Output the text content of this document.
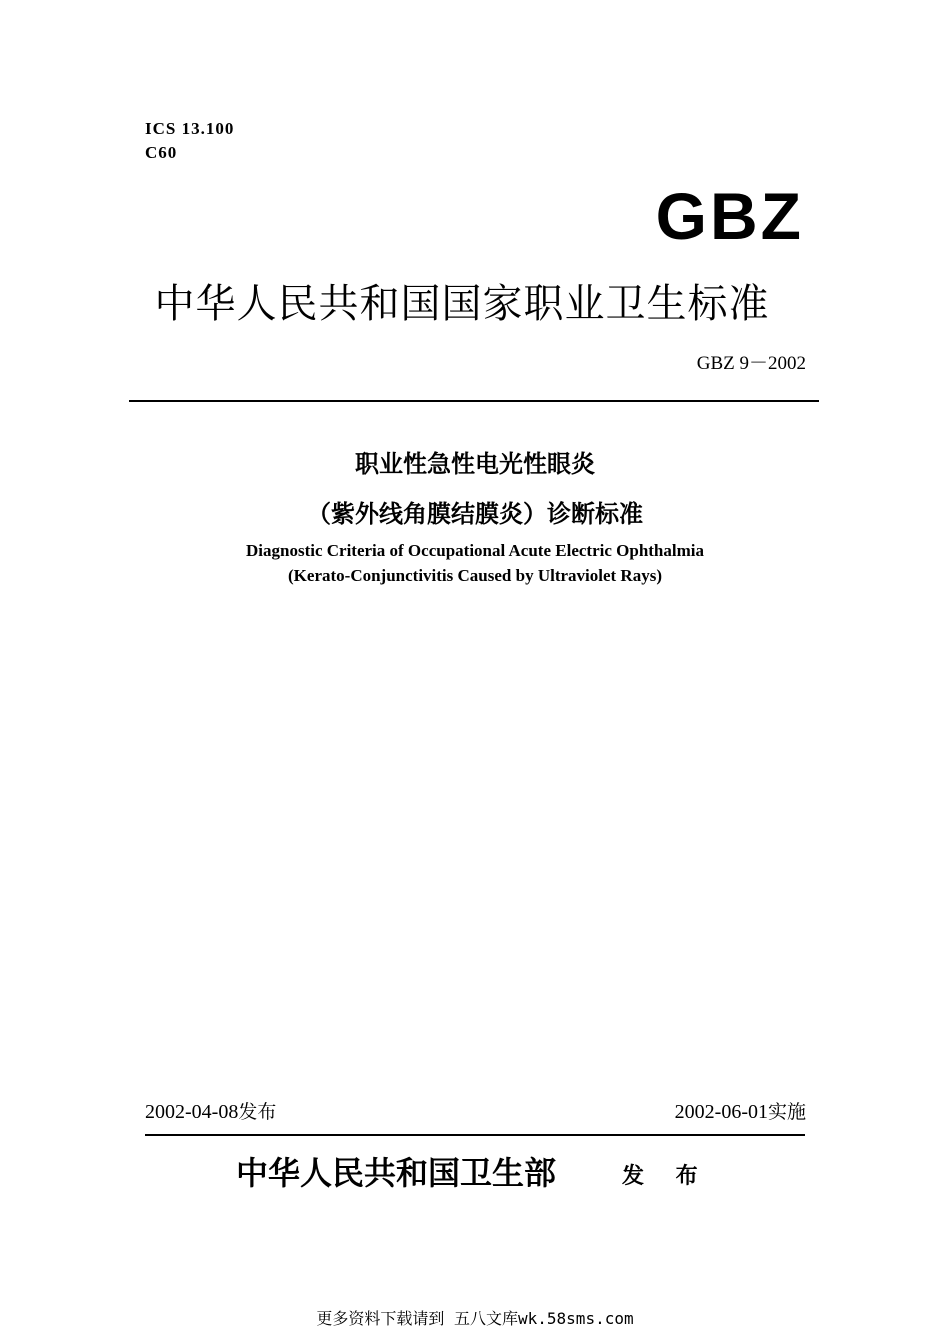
ICS 13.100
C60
GBZ
中华人民共和国国家职业卫生标准
GBZ 9－2002
职业性急性电光性眼炎
（紫外线角膜结膜炎）诊断标准
Diagnostic Criteria of Occupational Acute Electric Ophthalmia
(Kerato-Conjunctivitis Caused by Ultraviolet Rays)
2002-04-08发布	2002-06-01实施
中华人民共和国卫生部	发 布
更多资料下载请到 五八文库wk.58sms.com
